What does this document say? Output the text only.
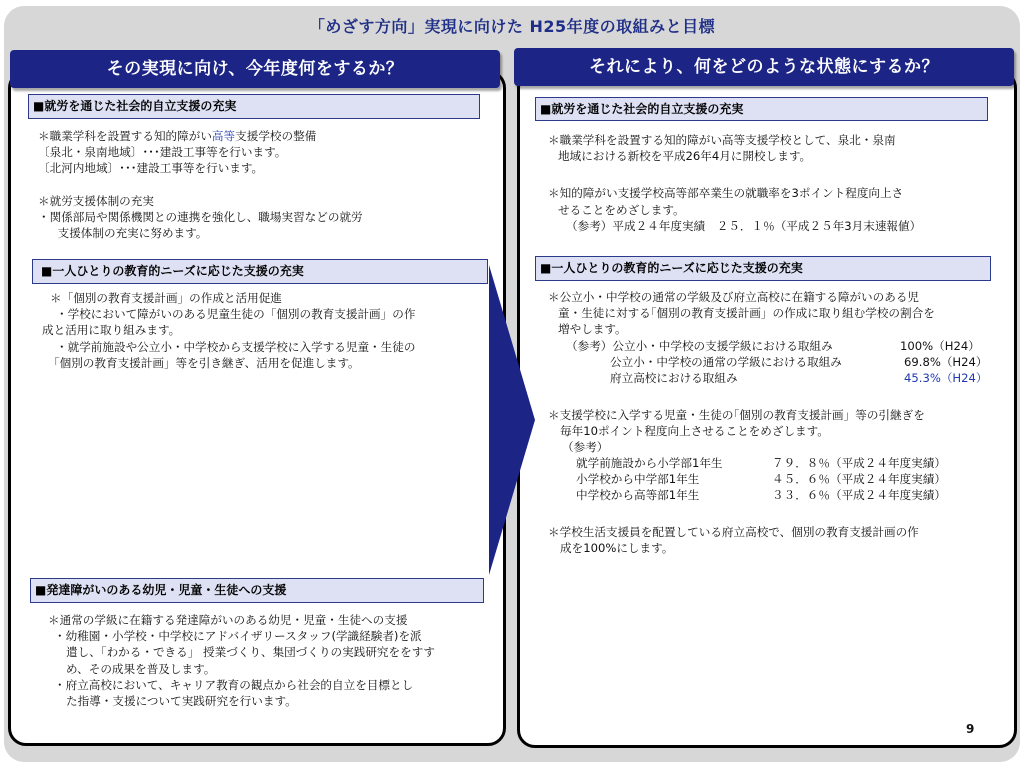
「めざす方向」実現に向けた H25年度の取組みと目標
その実現に向け、今年度何をするか？	それにより、何をどのような状態にするか？
■就労を通じた社会的自立支援の充実
＊職業学科を設置する知的障がい高等支援学校の整備
〔泉北・泉南地域〕･･･建設工事等を行います。
〔北河内地域〕･･･建設工事等を行います。
＊就労支援体制の充実
・関係部局や関係機関との連携を強化し、職場実習などの就労
　支援体制の充実に努めます。
■一人ひとりの教育的ニーズに応じた支援の充実
＊「個別の教育支援計画」の作成と活用促進
・学校において障がいのある児童生徒の「個別の教育支援計画」の作
成と活用に取り組みます。
・就学前施設や公立小・中学校から支援学校に入学する児童・生徒の
「個別の教育支援計画」等を引き継ぎ、活用を促進します。
■発達障がいのある幼児・児童・生徒への支援
＊通常の学級に在籍する発達障がいのある幼児・児童・生徒への支援
・幼稚園・小学校・中学校にアドバイザリースタッフ(学識経験者)を派
遣し、｢わかる・できる」 授業づくり、集団づくりの実践研究ををすす
め、その成果を普及します。
・府立高校において、キャリア教育の観点から社会的自立を目標とし
た指導・支援について実践研究を行います。
■就労を通じた社会的自立支援の充実
＊職業学科を設置する知的障がい高等支援学校として、泉北・泉南
地域における新校を平成26年4月に開校します。
＊知的障がい支援学校高等部卒業生の就職率を3ポイント程度向上さ
せることをめざします。
（参考）平成２４年度実績　２５．１％（平成２５年3月末速報値）
■一人ひとりの教育的ニーズに応じた支援の充実
＊公立小・中学校の通常の学級及び府立高校に在籍する障がいのある児
童・生徒に対する｢個別の教育支援計画」の作成に取り組む学校の割合を
増やします。
（参考）公立小・中学校の支援学級における取組み	100%（H24）
公立小・中学校の通常の学級における取組み	69.8%（H24）
府立高校における取組み	45.3%（H24）
＊支援学校に入学する児童・生徒の｢個別の教育支援計画」等の引継ぎを
毎年10ポイント程度向上させることをめざします。
（参考）
就学前施設から小学部1年生	７９．８％（平成２４年度実績）
小学校から中学部1年生	４５．６％（平成２４年度実績）
中学校から高等部1年生	３３．６％（平成２４年度実績）
＊学校生活支援員を配置している府立高校で、個別の教育支援計画の作
成を100%にします。
9
